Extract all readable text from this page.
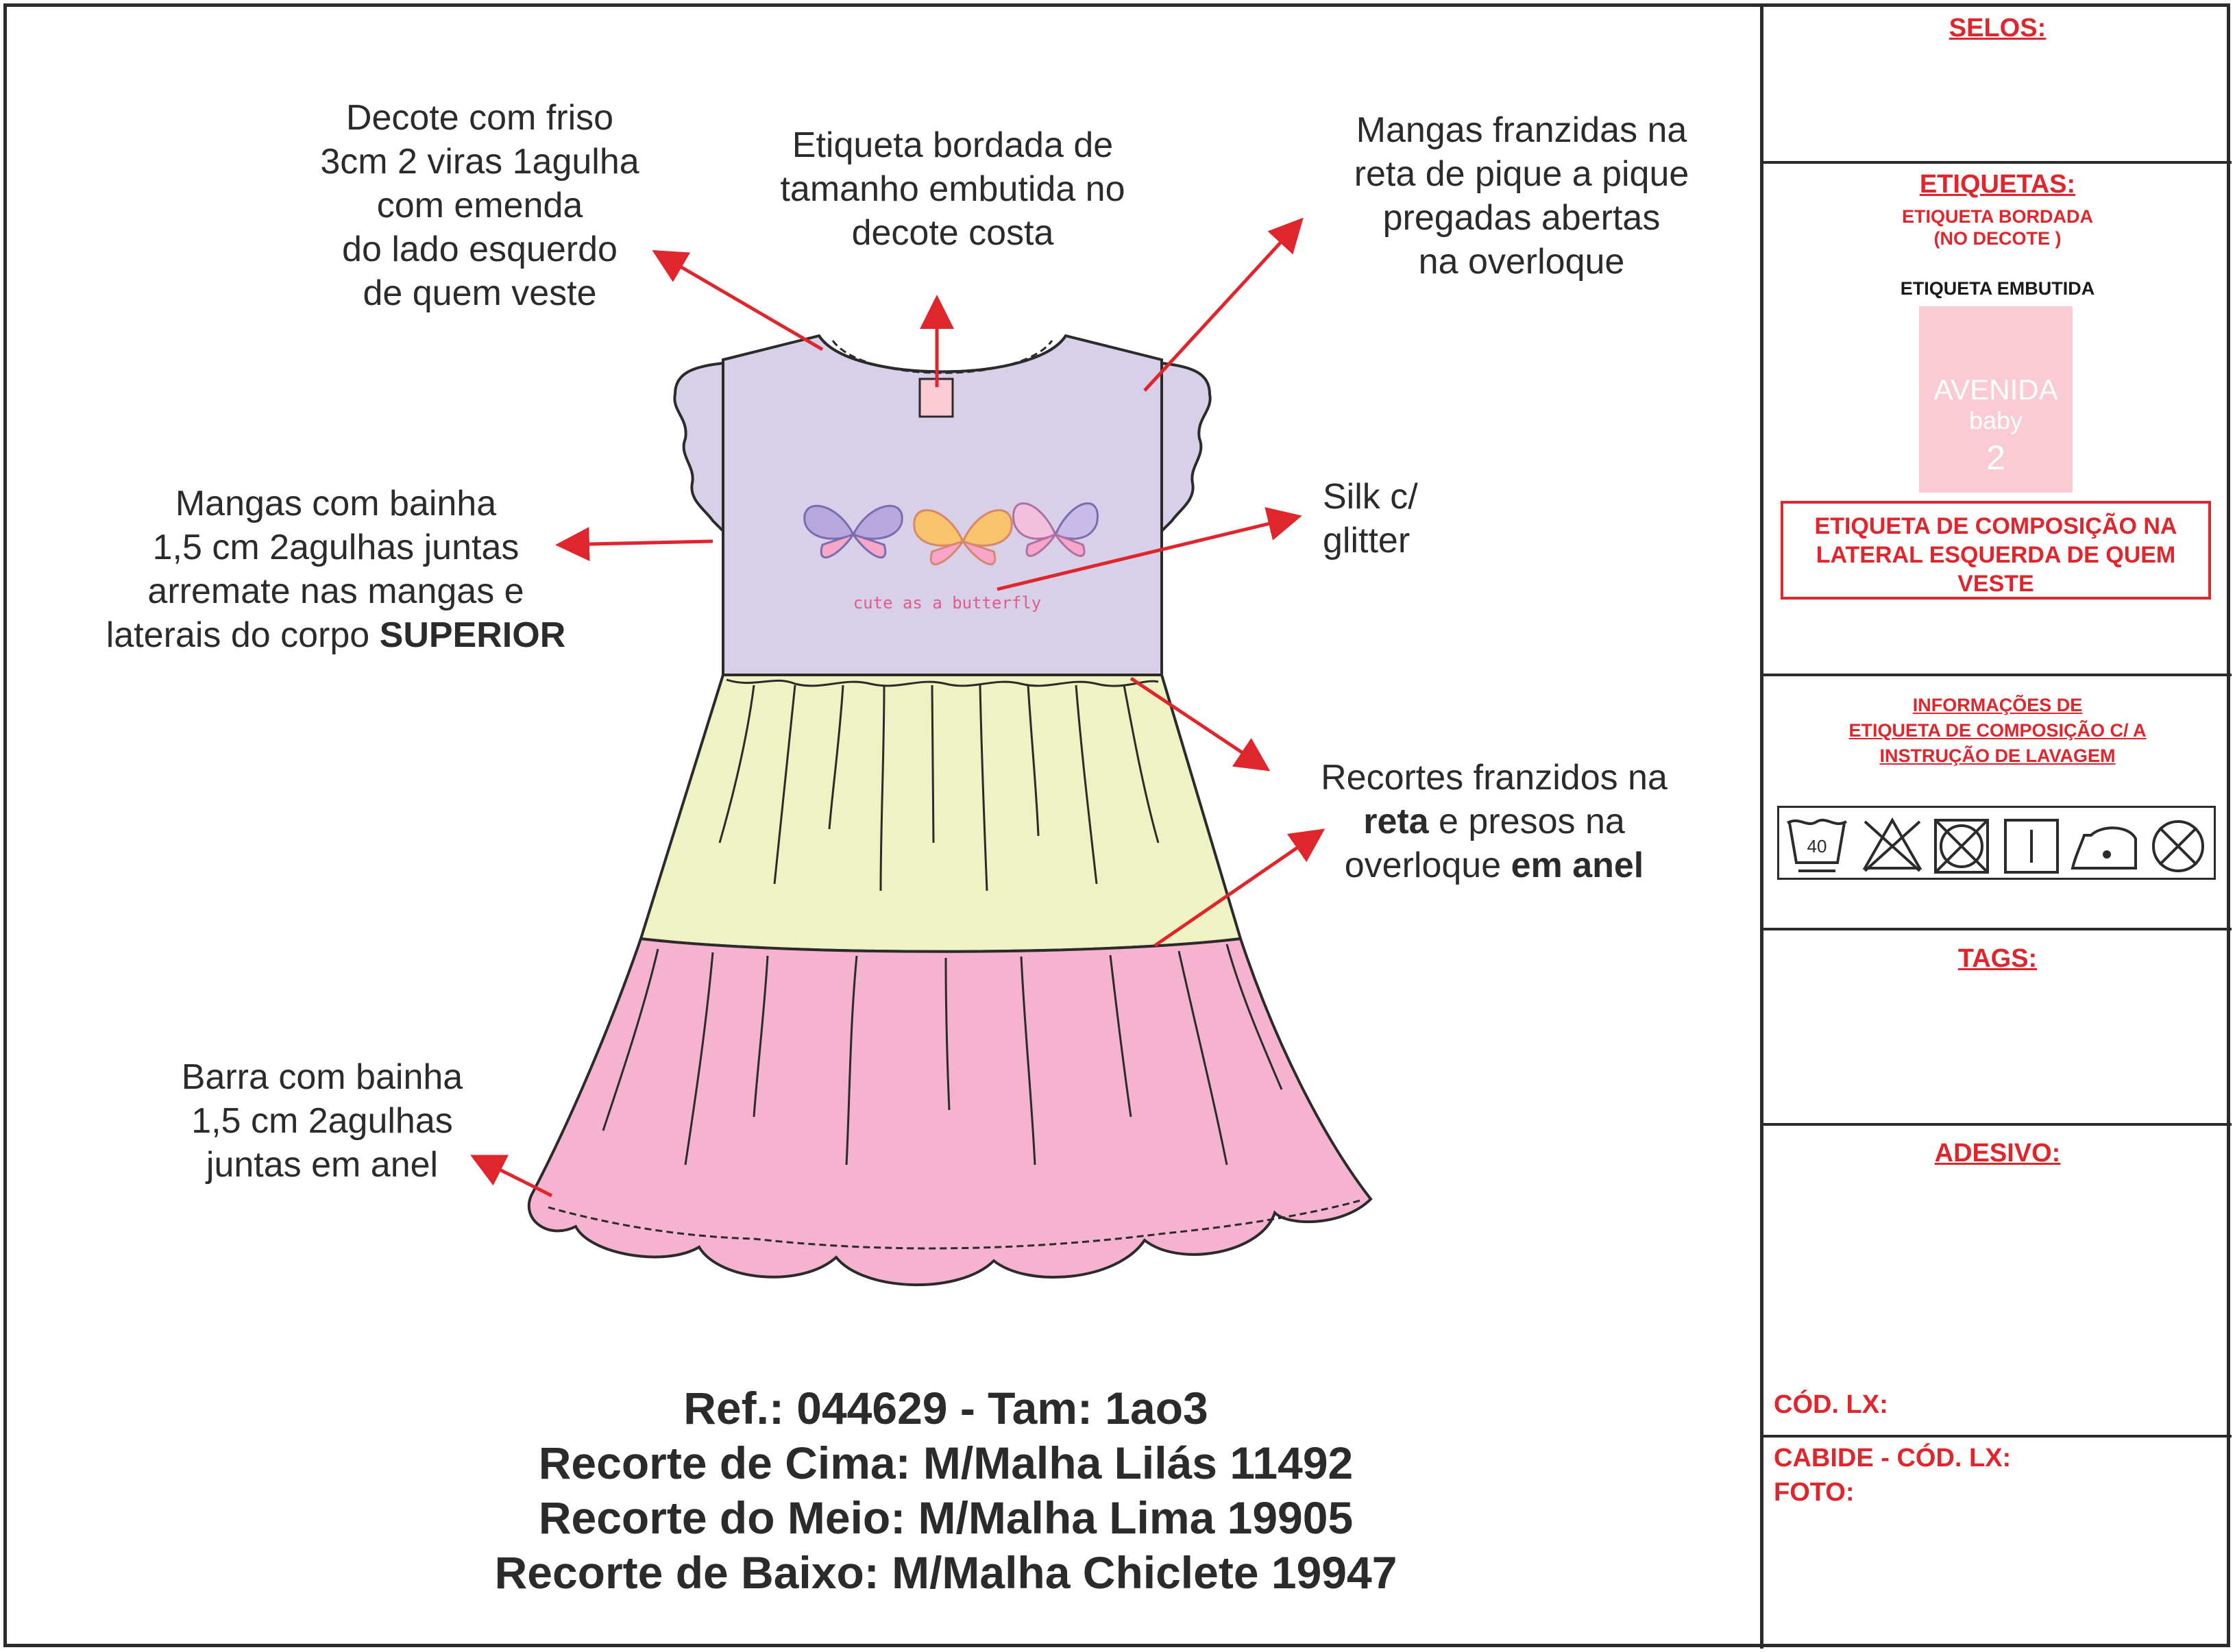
cute as a butterfly
Decote com friso
3cm 2 viras 1agulha
com emenda
do lado esquerdo
de quem veste
Etiqueta bordada de
tamanho embutida no
decote costa
Mangas franzidas na
reta de pique a pique
pregadas abertas
na overloque
Mangas com bainha
1,5 cm 2agulhas juntas
arremate nas mangas e
laterais do corpo SUPERIOR
Silk c/
glitter
Recortes franzidos na
reta e presos na
overloque em anel
Barra com bainha
1,5 cm 2agulhas
juntas em anel
Ref.: 044629 - Tam: 1ao3
Recorte de Cima: M/Malha Lilás 11492
Recorte do Meio: M/Malha Lima 19905
Recorte de Baixo: M/Malha Chiclete 19947
SELOS:
ETIQUETAS:
ETIQUETA BORDADA
(NO DECOTE )
ETIQUETA EMBUTIDA
AVENIDA
baby
2
ETIQUETA DE COMPOSIÇÃO NA LATERAL ESQUERDA DE QUEM VESTE
INFORMAÇÕES DE
ETIQUETA DE COMPOSIÇÃO C/ A
INSTRUÇÃO DE LAVAGEM
40
TAGS:
ADESIVO:
CÓD. LX:
CABIDE - CÓD. LX:
FOTO:
